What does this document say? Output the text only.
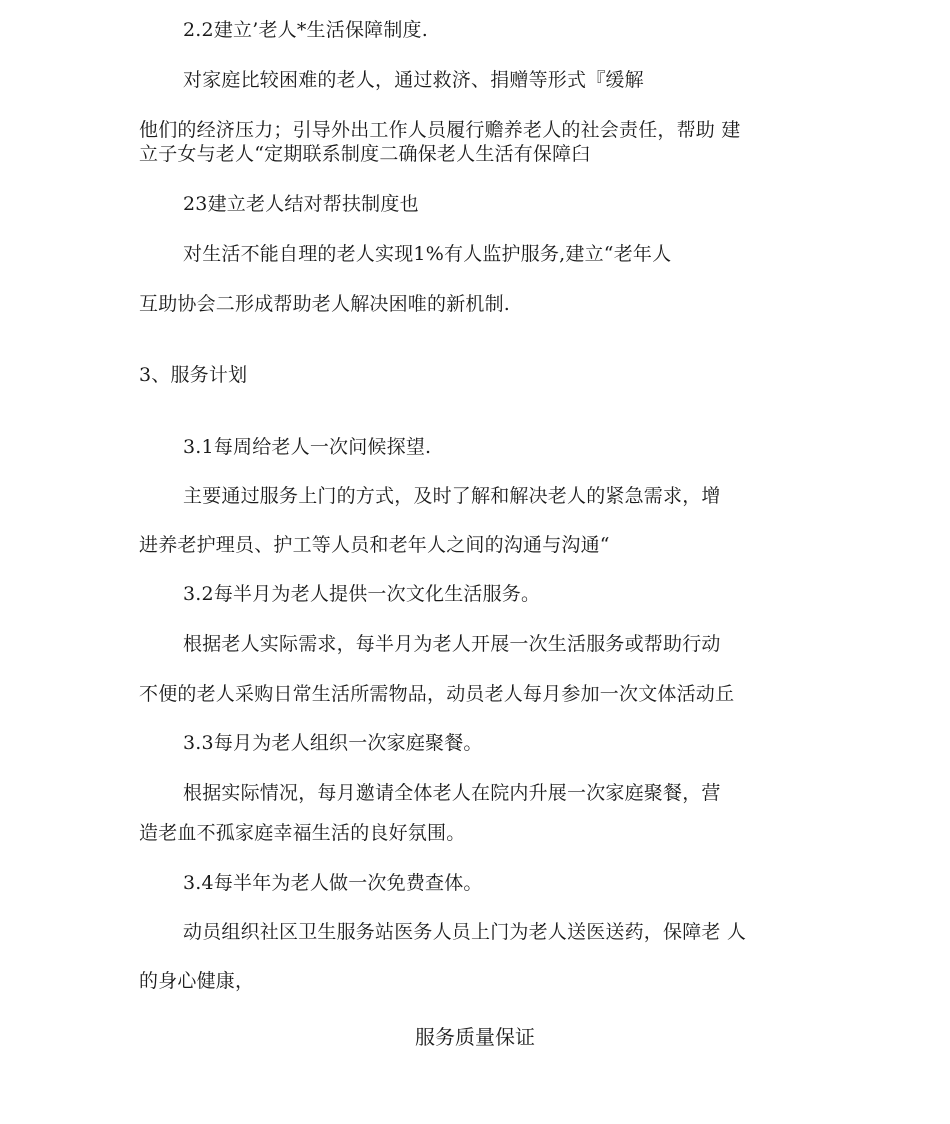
2.2建立’老人*生活保障制度.

对家庭比较困难的老人，通过救济、捐赠等形式『缓解

他们的经济压力；引导外出工作人员履行赡养老人的社会责任，帮助 建

立子女与老人“定期联系制度二确保老人生活有保障臼

23建立老人结对帮扶制度也

对生活不能自理的老人实现1%有人监护服务,建立“老年人

互助协会二形成帮助老人解决困唯的新机制.

3、服务计划

3.1每周给老人一次问候探望.

主要通过服务上门的方式，及时了解和解决老人的紧急需求，增

进养老护理员、护工等人员和老年人之间的沟通与沟通“

3.2每半月为老人提供一次文化生活服务。

根据老人实际需求，每半月为老人开展一次生活服务或帮助行动

不便的老人采购日常生活所需物品，动员老人每月参加一次文体活动丘

3.3每月为老人组织一次家庭聚餐。

根据实际情况，每月邀请全体老人在院内升展一次家庭聚餐，营

造老血不孤家庭幸福生活的良好氛围。

3.4每半年为老人做一次免费查体。

动员组织社区卫生服务站医务人员上门为老人送医送药，保障老 人

的身心健康，

服务质量保证
